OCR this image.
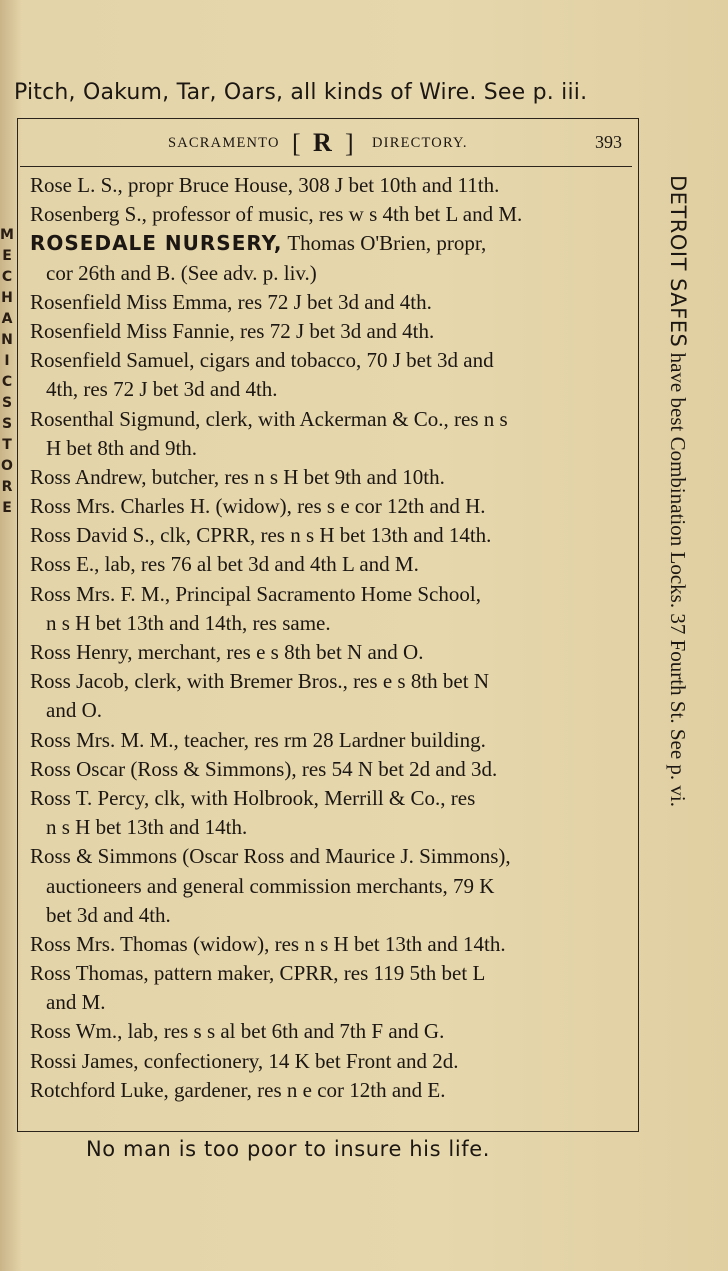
Pitch, Oakum, Tar, Oars, all kinds of Wire. See p. iii.
SACRAMENTO [ R ] DIRECTORY.	393
Rose L. S., propr Bruce House, 308 J bet 10th and 11th.
Rosenberg S., professor of music, res w s 4th bet L and M.
ROSEDALE NURSERY, Thomas O'Brien, propr,
cor 26th and B. (See adv. p. liv.)
Rosenfield Miss Emma, res 72 J bet 3d and 4th.
Rosenfield Miss Fannie, res 72 J bet 3d and 4th.
Rosenfield Samuel, cigars and tobacco, 70 J bet 3d and
4th, res 72 J bet 3d and 4th.
Rosenthal Sigmund, clerk, with Ackerman & Co., res n s
H bet 8th and 9th.
Ross Andrew, butcher, res n s H bet 9th and 10th.
Ross Mrs. Charles H. (widow), res s e cor 12th and H.
Ross David S., clk, CPRR, res n s H bet 13th and 14th.
Ross E., lab, res 76 al bet 3d and 4th L and M.
Ross Mrs. F. M., Principal Sacramento Home School,
n s H bet 13th and 14th, res same.
Ross Henry, merchant, res e s 8th bet N and O.
Ross Jacob, clerk, with Bremer Bros., res e s 8th bet N
and O.
Ross Mrs. M. M., teacher, res rm 28 Lardner building.
Ross Oscar (Ross & Simmons), res 54 N bet 2d and 3d.
Ross T. Percy, clk, with Holbrook, Merrill & Co., res
n s H bet 13th and 14th.
Ross & Simmons (Oscar Ross and Maurice J. Simmons),
auctioneers and general commission merchants, 79 K
bet 3d and 4th.
Ross Mrs. Thomas (widow), res n s H bet 13th and 14th.
Ross Thomas, pattern maker, CPRR, res 119 5th bet L
and M.
Ross Wm., lab, res s s al bet 6th and 7th F and G.
Rossi James, confectionery, 14 K bet Front and 2d.
Rotchford Luke, gardener, res n e cor 12th and E.
DETROIT SAFES have best Combination Locks. 37 Fourth St. See p. vi.
MECHANICS STORE
No man is too poor to insure his life.
